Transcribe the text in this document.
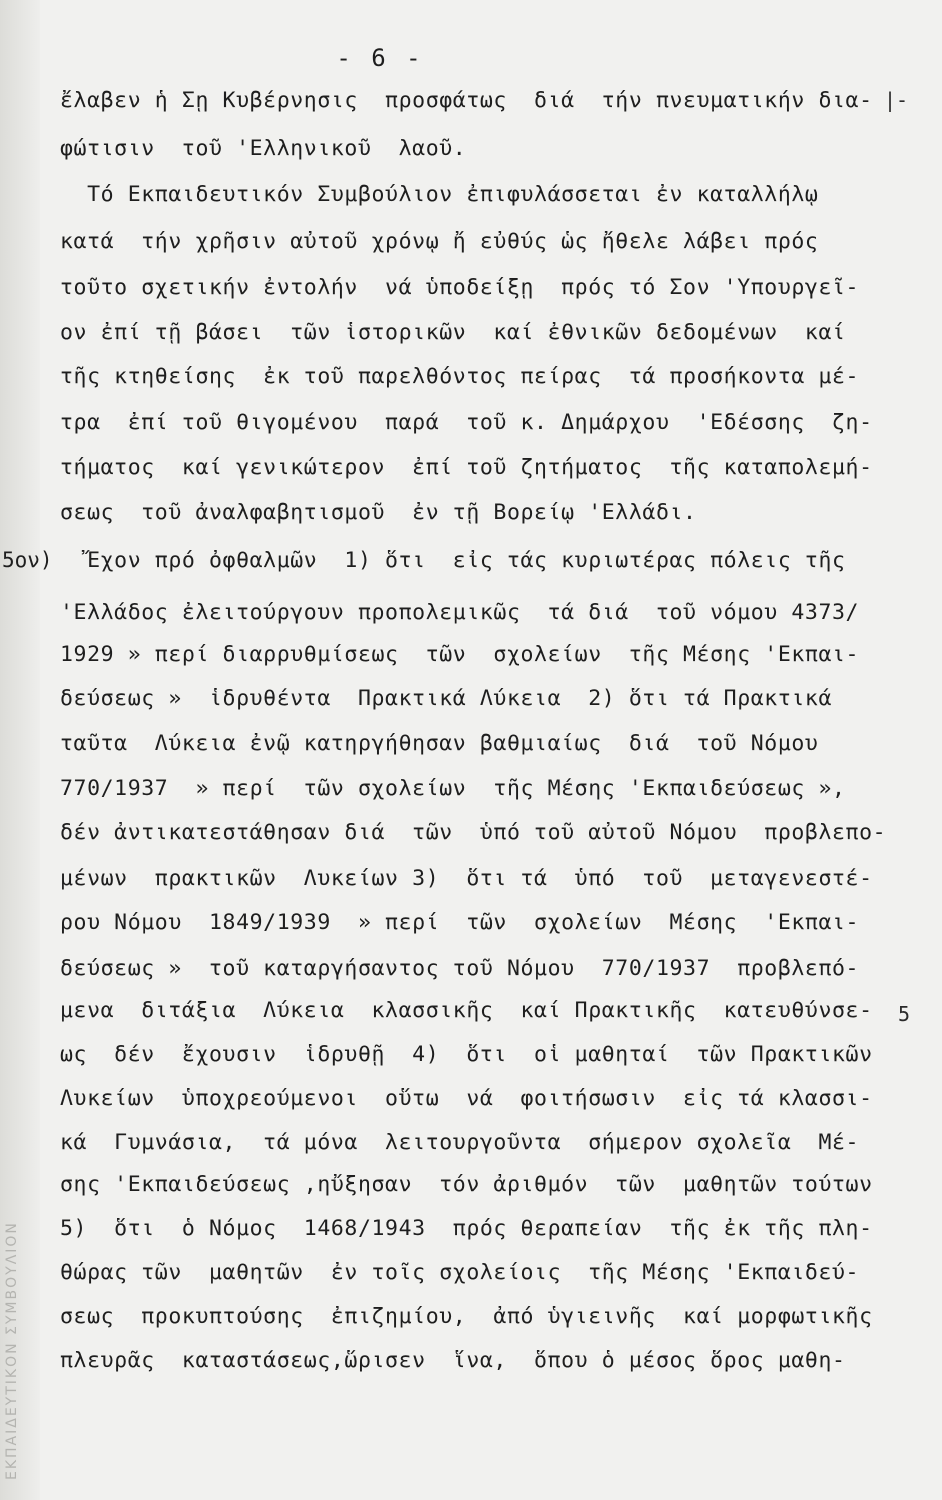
ΕΚΠΑΙΔΕΥΤΙΚΟΝ ΣΥΜΒΟΥΛΙΟΝ
- 6 -
ἔλαβεν ἡ Σῃ Κυβέρνησις  προσφάτως  διά  τήν πνευματικήν δια-
φώτισιν  τοῦ 'Ελληνικοῦ  λαοῦ.
Τό Εκπαιδευτικόν Συμβούλιον ἐπιφυλάσσεται ἐν καταλλήλῳ
κατά  τήν χρῆσιν αὐτοῦ χρόνῳ ἤ εὐθύς ὡς ἤθελε λάβει πρός
τοῦτο σχετικήν ἐντολήν  νά ὑποδείξῃ  πρός τό Σον 'Υπουργεῖ-
ον ἐπί τῇ βάσει  τῶν ἱστορικῶν  καί ἐθνικῶν δεδομένων  καί
τῆς κτηθείσης  ἐκ τοῦ παρελθόντος πείρας  τά προσήκοντα μέ-
τρα  ἐπί τοῦ θιγομένου  παρά  τοῦ κ. Δημάρχου  'Εδέσσης  ζη-
τήματος  καί γενικώτερον  ἐπί τοῦ ζητήματος  τῆς καταπολεμή-
σεως  τοῦ ἀναλφαβητισμοῦ  ἐν τῇ Βορείῳ 'Ελλάδι.
5ον) Ἔχον πρό ὀφθαλμῶν  1) ὅτι  εἰς τάς κυριωτέρας πόλεις τῆς
'Ελλάδος ἐλειτούργουν προπολεμικῶς  τά διά  τοῦ νόμου 4373/
1929 » περί διαρρυθμίσεως  τῶν  σχολείων  τῆς Μέσης 'Εκπαι-
δεύσεως »  ἱδρυθέντα  Πρακτικά Λύκεια  2) ὅτι τά Πρακτικά
ταῦτα  Λύκεια ἐνῷ κατηργήθησαν βαθμιαίως  διά  τοῦ Νόμου
770/1937  » περί  τῶν σχολείων  τῆς Μέσης 'Εκπαιδεύσεως »,
δέν ἀντικατεστάθησαν διά  τῶν  ὑπό τοῦ αὐτοῦ Νόμου  προβλεπο-
μένων  πρακτικῶν  Λυκείων 3)  ὅτι τά  ὑπό  τοῦ  μεταγενεστέ-
ρου Νόμου  1849/1939  » περί  τῶν  σχολείων  Μέσης  'Εκπαι-
δεύσεως »  τοῦ καταργήσαντος τοῦ Νόμου  770/1937  προβλεπό-
μενα  διτάξια  Λύκεια  κλασσικῆς  καί Πρακτικῆς  κατευθύνσε-
ως  δέν  ἔχουσιν  ἱδρυθῇ  4)  ὅτι  οἱ μαθηταί  τῶν Πρακτικῶν
Λυκείων  ὑποχρεούμενοι  οὕτω  νά  φοιτήσωσιν  εἰς τά κλασσι-
κά  Γυμνάσια,  τά μόνα  λειτουργοῦντα  σήμερον σχολεῖα  Μέ-
σης 'Εκπαιδεύσεως ,ηὔξησαν  τόν ἀριθμόν  τῶν  μαθητῶν τούτων
5)  ὅτι  ὁ Νόμος  1468/1943  πρός θεραπείαν  τῆς ἐκ τῆς πλη-
θώρας τῶν  μαθητῶν  ἐν τοῖς σχολείοις  τῆς Μέσης 'Εκπαιδεύ-
σεως  προκυπτούσης  ἐπιζημίου,  ἀπό ὑγιεινῆς  καί μορφωτικῆς
πλευρᾶς  καταστάσεως,ὥρισεν  ἵνα,  ὅπου ὁ μέσος ὅρος μαθη-
|-
5
